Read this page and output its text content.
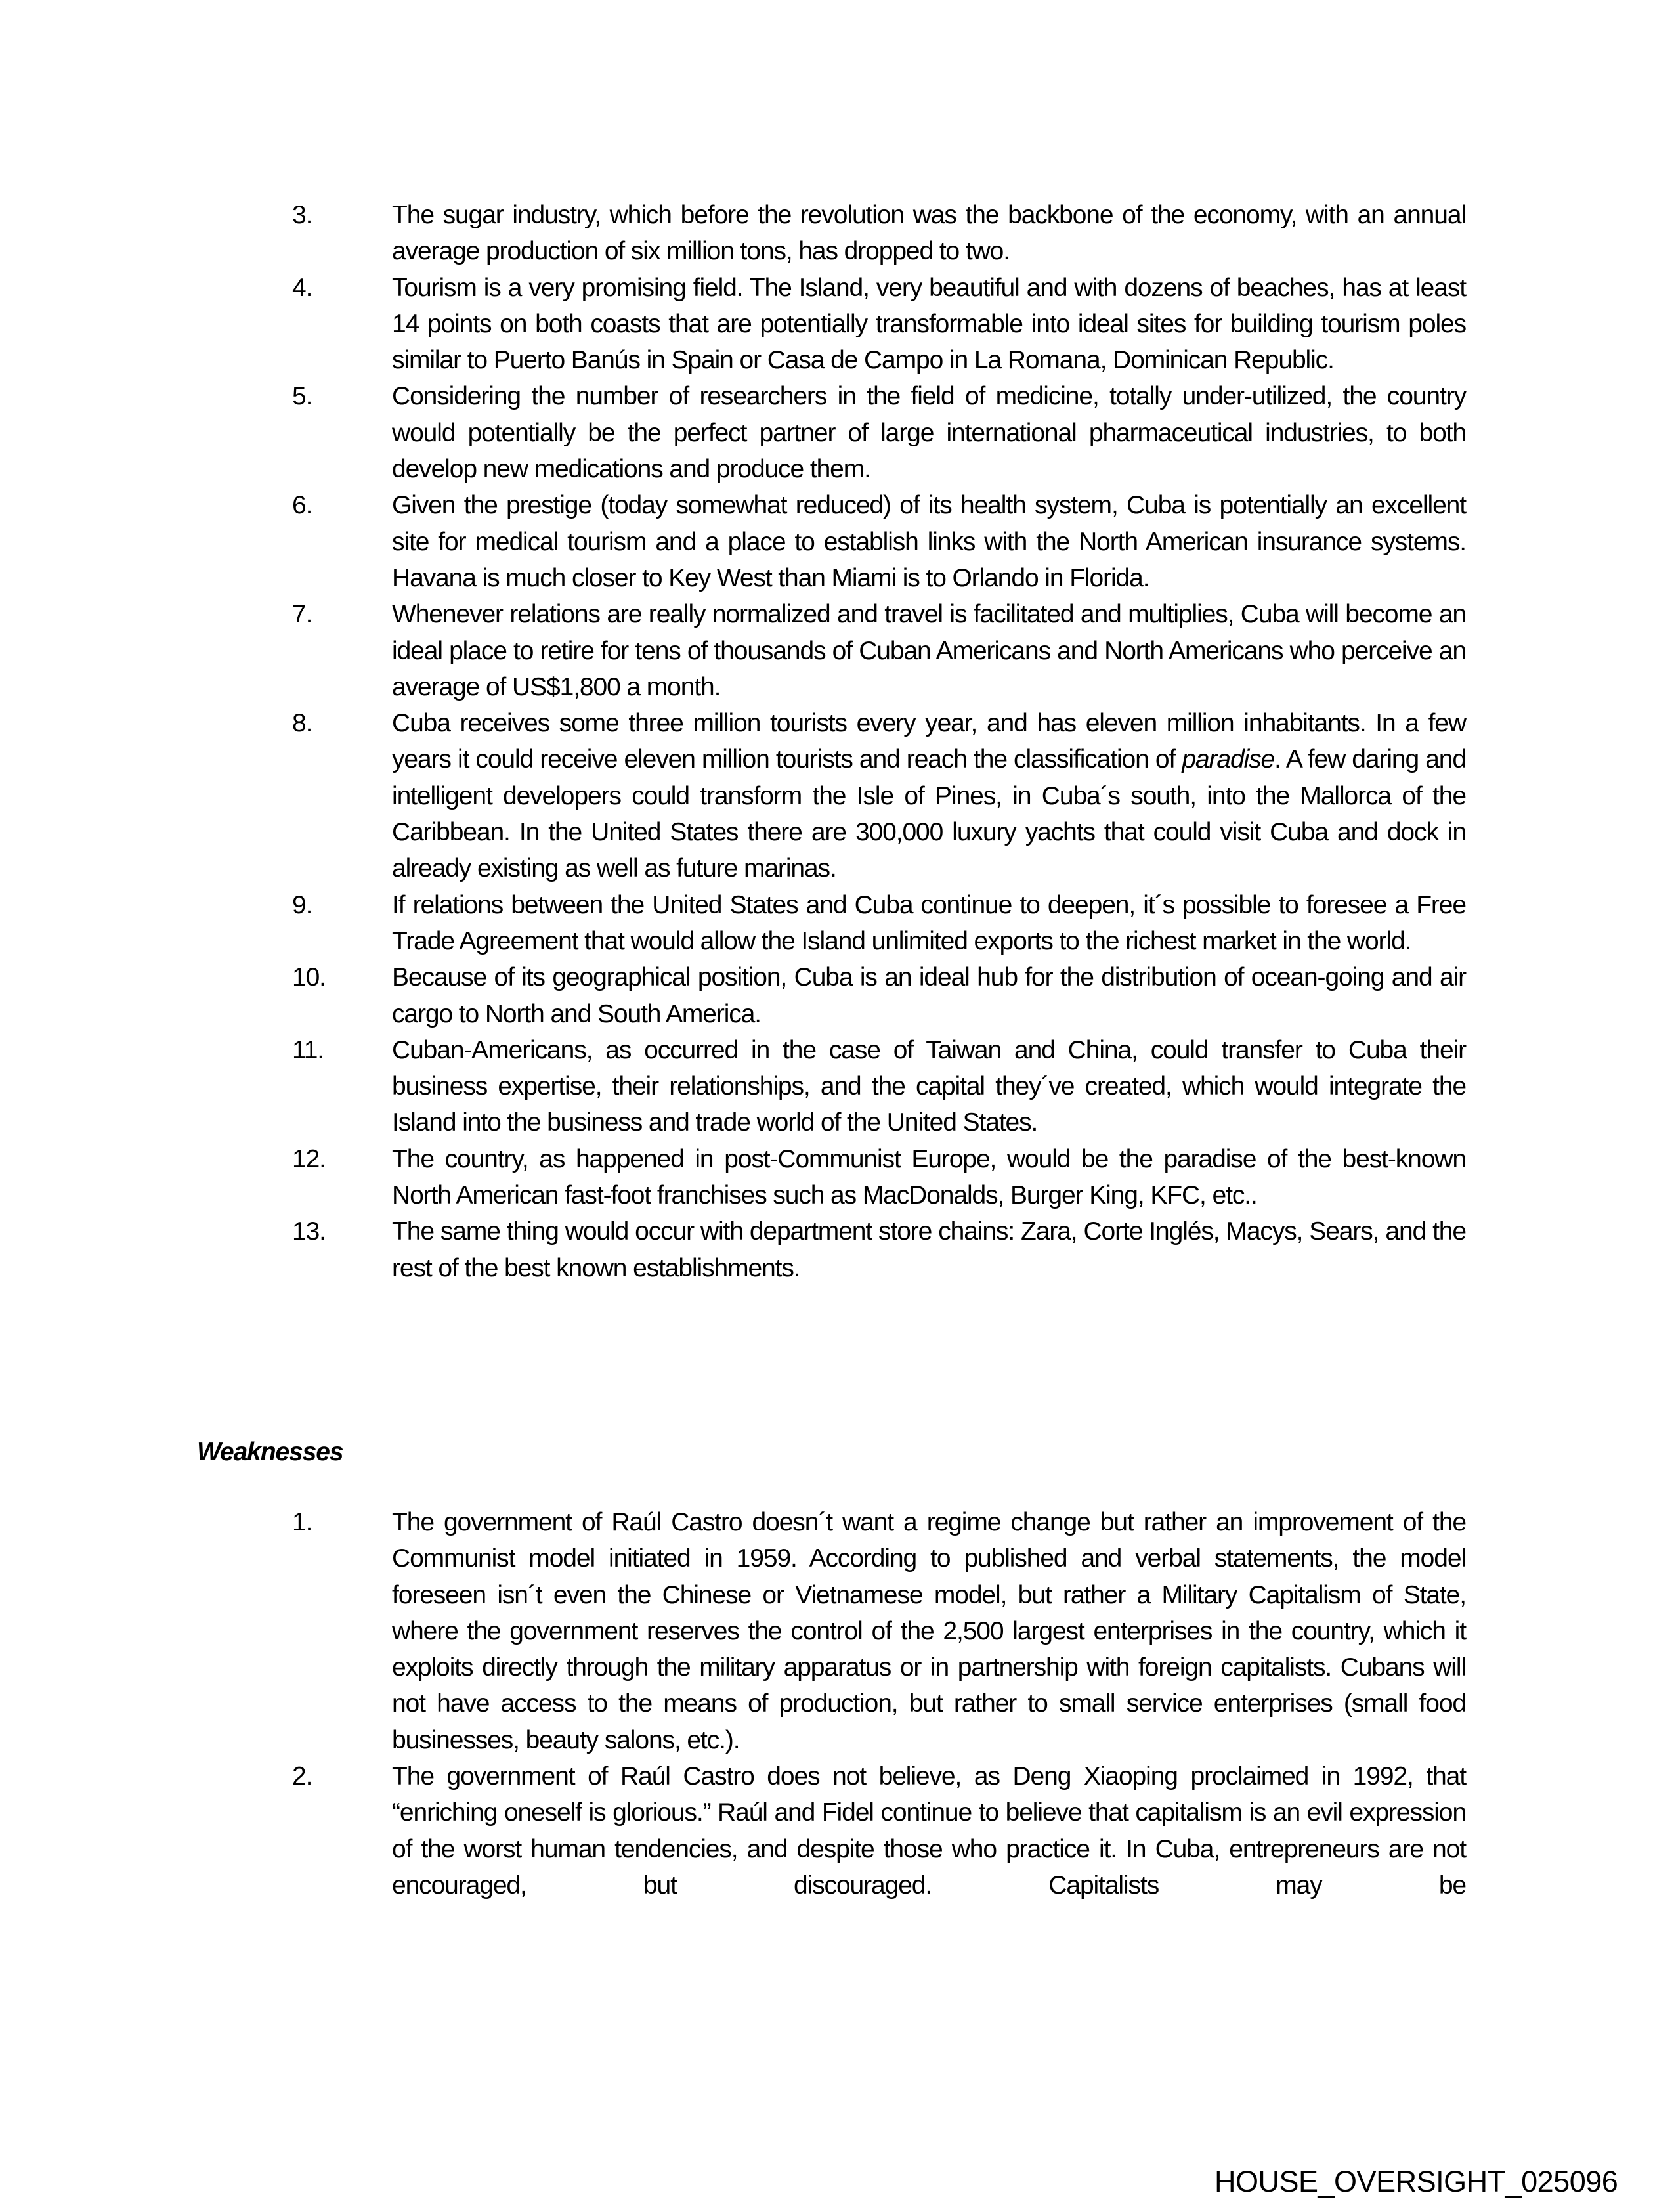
3.	The sugar industry, which before the revolution was the backbone of the economy, with an annual average production of six million tons, has dropped to two.
4.	Tourism is a very promising field. The Island, very beautiful and with dozens of beaches, has at least 14 points on both coasts that are potentially transformable into ideal sites for building tourism poles similar to Puerto Banús in Spain or Casa de Campo in La Romana, Dominican Republic.
5.	Considering the number of researchers in the field of medicine, totally under-utilized, the country would potentially be the perfect partner of large international pharmaceutical industries, to both develop new medications and produce them.
6.	Given the prestige (today somewhat reduced) of its health system, Cuba is potentially an excellent site for medical tourism and a place to establish links with the North American insurance systems. Havana is much closer to Key West than Miami is to Orlando in Florida.
7.	Whenever relations are really normalized and travel is facilitated and multiplies, Cuba will become an ideal place to retire for tens of thousands of Cuban Americans and North Americans who perceive an average of US$1,800 a month.
8.	Cuba receives some three million tourists every year, and has eleven million inhabitants. In a few years it could receive eleven million tourists and reach the classification of paradise. A few daring and intelligent developers could transform the Isle of Pines, in Cuba´s south, into the Mallorca of the Caribbean. In the United States there are 300,000 luxury yachts that could visit Cuba and dock in already existing as well as future marinas.
9.	If relations between the United States and Cuba continue to deepen, it´s possible to foresee a Free Trade Agreement that would allow the Island unlimited exports to the richest market in the world.
10.	Because of its geographical position, Cuba is an ideal hub for the distribution of ocean-going and air cargo to North and South America.
11.	Cuban-Americans, as occurred in the case of Taiwan and China, could transfer to Cuba their business expertise, their relationships, and the capital they´ve created, which would integrate the Island into the business and trade world of the United States.
12.	The country, as happened in post-Communist Europe, would be the paradise of the best-known North American fast-foot franchises such as MacDonalds, Burger King, KFC, etc..
13.	The same thing would occur with department store chains: Zara, Corte Inglés, Macys, Sears, and the rest of the best known establishments.
Weaknesses
1.	The government of Raúl Castro doesn´t want a regime change but rather an improvement of the Communist model initiated in 1959. According to published and verbal statements, the model foreseen isn´t even the Chinese or Vietnamese model, but rather a Military Capitalism of State, where the government reserves the control of the 2,500 largest enterprises in the country, which it exploits directly through the military apparatus or in partnership with foreign capitalists. Cubans will not have access to the means of production, but rather to small service enterprises (small food businesses, beauty salons, etc.).
2.	The government of Raúl Castro does not believe, as Deng Xiaoping proclaimed in 1992, that “enriching oneself is glorious.” Raúl and Fidel continue to believe that capitalism is an evil expression of the worst human tendencies, and despite those who practice it. In Cuba, entrepreneurs are not encouraged, but discouraged. Capitalists may be
HOUSE_OVERSIGHT_025096
